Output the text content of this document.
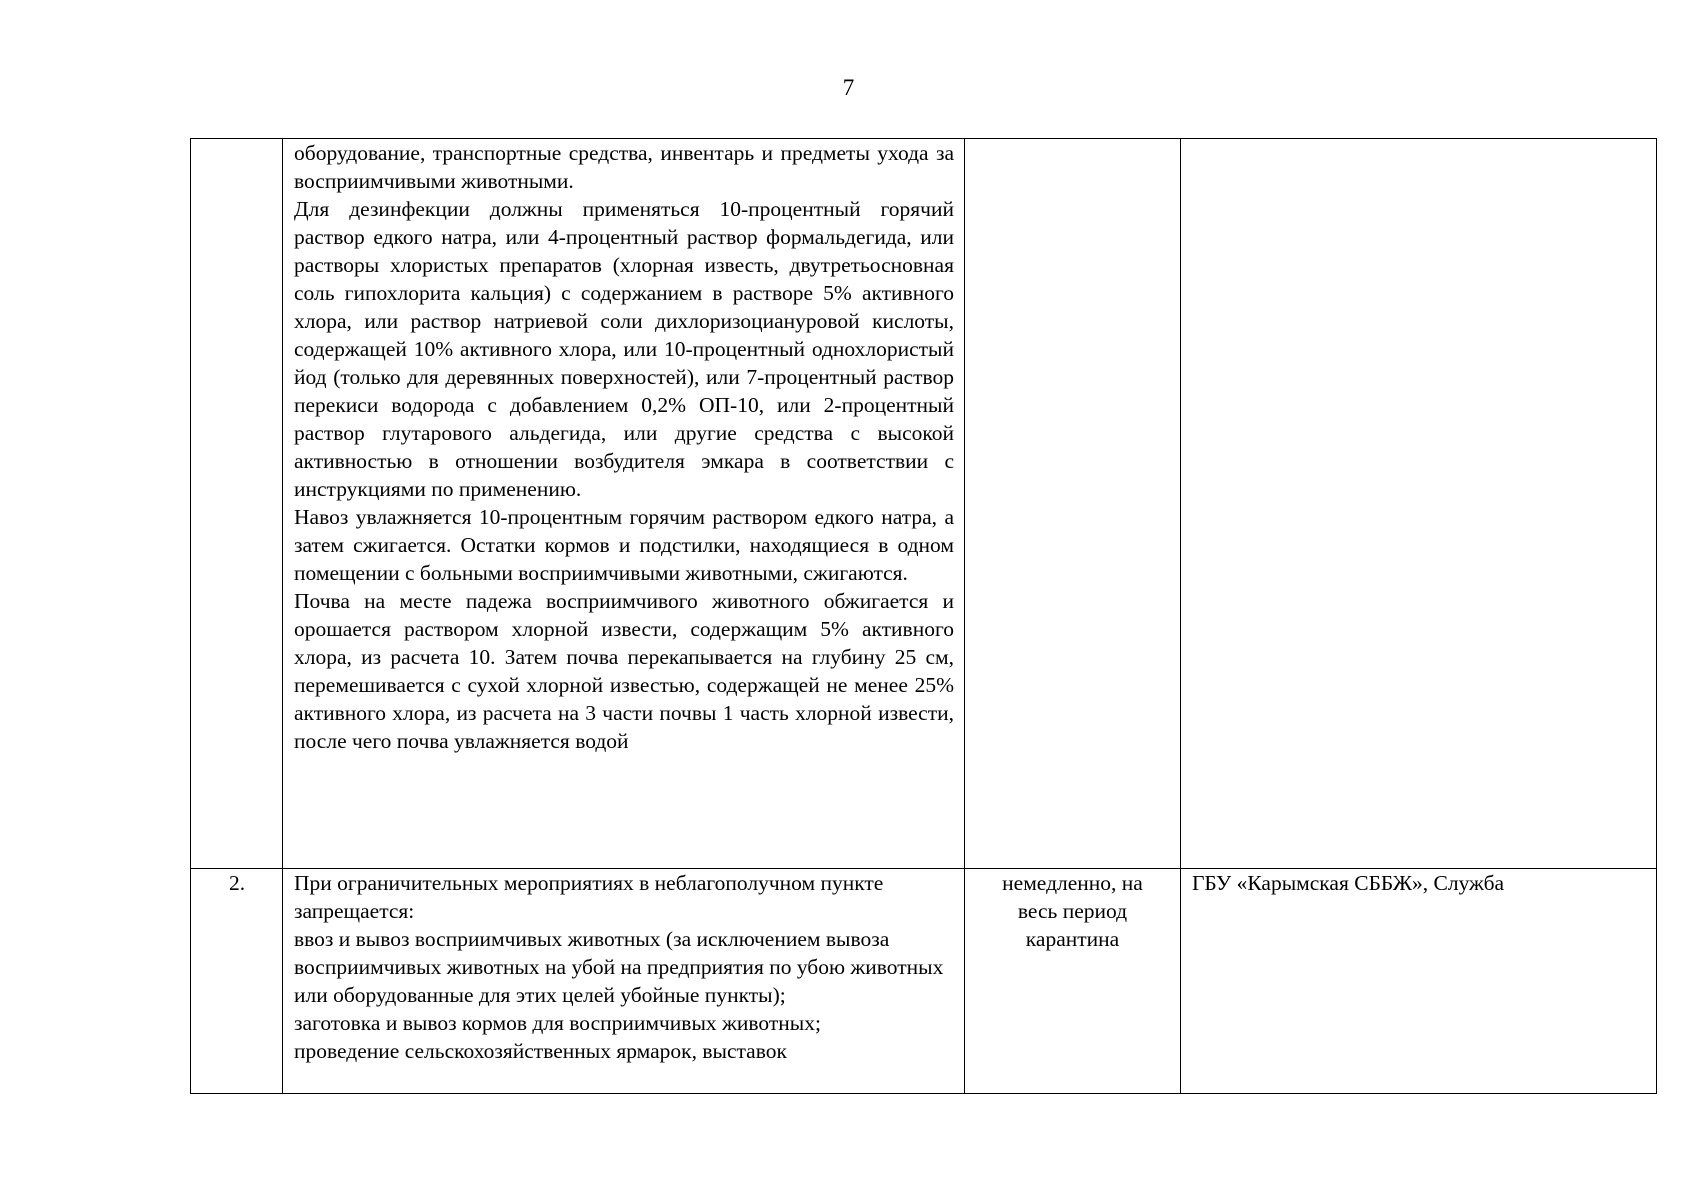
7

	оборудование, транспортные средства, инвентарь и предметы ухода за восприимчивыми животными.

Для дезинфекции должны применяться 10-процентный горячий раствор едкого натра, или 4-процентный раствор формальдегида, или растворы хлористых препаратов (хлорная известь, двутретьосновная соль гипохлорита кальция) с содержанием в растворе 5% активного хлора, или раствор натриевой соли дихлоризоциануровой кислоты, содержащей 10% активного хлора, или 10-процентный однохлористый йод (только для деревянных поверхностей), или 7-процентный раствор перекиси водорода с добавлением 0,2% ОП-10, или 2-процентный раствор глутарового альдегида, или другие средства с высокой активностью в отношении возбудителя эмкара в соответствии с инструкциями по применению.

Навоз увлажняется 10-процентным горячим раствором едкого натра, а затем сжигается. Остатки кормов и подстилки, находящиеся в одном помещении с больными восприимчивыми животными, сжигаются.

Почва на месте падежа восприимчивого животного обжигается и орошается раствором хлорной извести, содержащим 5% активного хлора, из расчета 10. Затем почва перекапывается на глубину 25 см, перемешивается с сухой хлорной известью, содержащей не менее 25% активного хлора, из расчета на 3 части почвы 1 часть хлорной извести, после чего почва увлажняется водой		

2.	При ограничительных мероприятиях в неблагополучном пункте запрещается:

ввоз и вывоз восприимчивых животных (за исключением вывоза восприимчивых животных на убой на предприятия по убою животных или оборудованные для этих целей убойные пункты);

заготовка и вывоз кормов для восприимчивых животных;

проведение сельскохозяйственных ярмарок, выставок	немедленно, на весь период карантина	ГБУ «Карымская СББЖ», Служба
